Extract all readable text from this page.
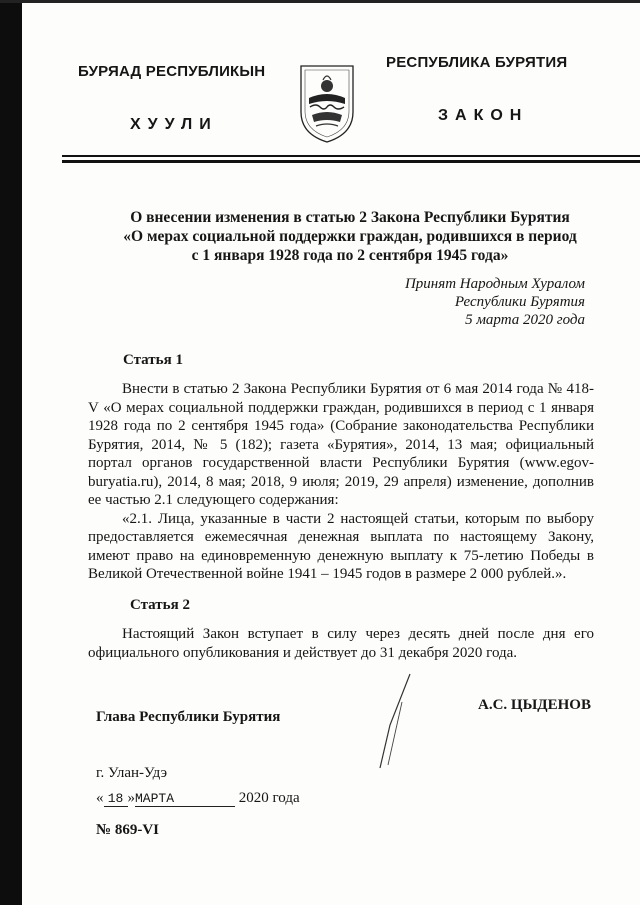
БУРЯАД РЕСПУБЛИКЫН
ХУУЛИ
РЕСПУБЛИКА БУРЯТИЯ
ЗАКОН
О внесении изменения в статью 2 Закона Республики Бурятия
«О мерах социальной поддержки граждан, родившихся в период
с 1 января 1928 года по 2 сентября 1945 года»
Принят Народным Хуралом
Республики Бурятия
5 марта 2020 года
Статья 1

Внести в статью 2 Закона Республики Бурятия от 6 мая 2014 года № 418-V «О мерах социальной поддержки граждан, родившихся в период с 1 января 1928 года по 2 сентября 1945 года» (Собрание законодательства Республики Бурятия, 2014, № 5 (182); газета «Бурятия», 2014, 13 мая; официальный портал органов государственной власти Республики Бурятия (www.egov-buryatia.ru), 2014, 8 мая; 2018, 9 июля; 2019, 29 апреля) изменение, дополнив ее частью 2.1 следующего содержания:

«2.1. Лица, указанные в части 2 настоящей статьи, которым по выбору предоставляется ежемесячная денежная выплата по настоящему Закону, имеют право на единовременную денежную выплату к 75-летию Победы в Великой Отечественной войне 1941 – 1945 годов в размере 2 000 рублей.».

Статья 2

Настоящий Закон вступает в силу через десять дней после дня его официального опубликования и действует до 31 декабря 2020 года.

Глава Республики Бурятия
А.С. ЦЫДЕНОВ
г. Улан-Удэ
« 18 »МАРТА	2020 года
№ 869-VI
